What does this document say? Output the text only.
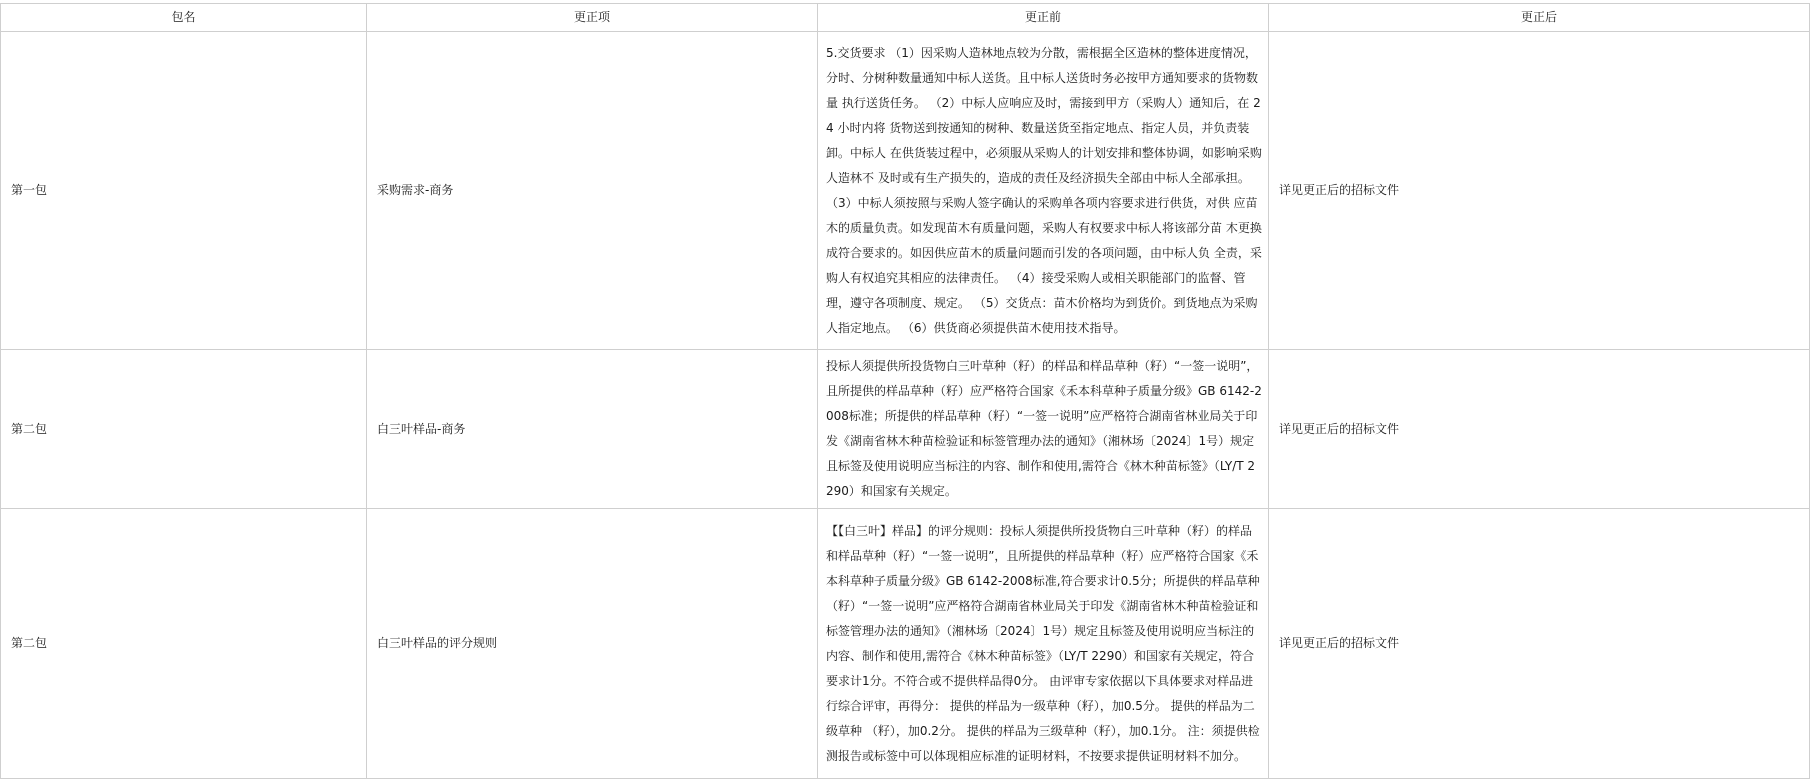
包名	更正项	更正前	更正后
第一包	采购需求-商务	5.交货要求 （1）因采购人造林地点较为分散，需根据全区造林的整体进度情况，分时、分树种数量通知中标人送货。且中标人送货时务必按甲方通知要求的货物数量 执行送货任务。 （2）中标人应响应及时，需接到甲方（采购人）通知后，在 24 小时内将 货物送到按通知的树种、数量送货至指定地点、指定人员，并负责装卸。中标人 在供货装过程中，必须服从采购人的计划安排和整体协调，如影响采购人造林不 及时或有生产损失的，造成的责任及经济损失全部由中标人全部承担。 （3）中标人须按照与采购人签字确认的采购单各项内容要求进行供货，对供 应苗木的质量负责。如发现苗木有质量问题，采购人有权要求中标人将该部分苗 木更换成符合要求的。如因供应苗木的质量问题而引发的各项问题，由中标人负 全责，采购人有权追究其相应的法律责任。 （4）接受采购人或相关职能部门的监督、管理，遵守各项制度、规定。 （5）交货点：苗木价格均为到货价。到货地点为采购人指定地点。 （6）供货商必须提供苗木使用技术指导。	详见更正后的招标文件
第二包	白三叶样品-商务	投标人须提供所投货物白三叶草种（籽）的样品和样品草种（籽）“一签一说明”，且所提供的样品草种（籽）应严格符合国家《禾本科草种子质量分级》GB 6142-2008标准；所提供的样品草种（籽）“一签一说明”应严格符合湖南省林业局关于印发《湖南省林木种苗检验证和标签管理办法的通知》（湘林场〔2024〕1号）规定且标签及使用说明应当标注的内容、制作和使用,需符合《林木种苗标签》（LY/T 2290）和国家有关规定。	详见更正后的招标文件
第二包	白三叶样品的评分规则	【【白三叶】样品】的评分规则：投标人须提供所投货物白三叶草种（籽）的样品和样品草种（籽）“一签一说明”，且所提供的样品草种（籽）应严格符合国家《禾本科草种子质量分级》GB 6142-2008标准,符合要求计0.5分；所提供的样品草种（籽）“一签一说明”应严格符合湖南省林业局关于印发《湖南省林木种苗检验证和标签管理办法的通知》（湘林场〔2024〕1号）规定且标签及使用说明应当标注的内容、制作和使用,需符合《林木种苗标签》（LY/T 2290）和国家有关规定，符合要求计1分。不符合或不提供样品得0分。 由评审专家依据以下具体要求对样品进行综合评审，再得分： 提供的样品为一级草种（籽），加0.5分。 提供的样品为二级草种 （籽），加0.2分。 提供的样品为三级草种（籽），加0.1分。 注：须提供检测报告或标签中可以体现相应标准的证明材料，不按要求提供证明材料不加分。	详见更正后的招标文件
